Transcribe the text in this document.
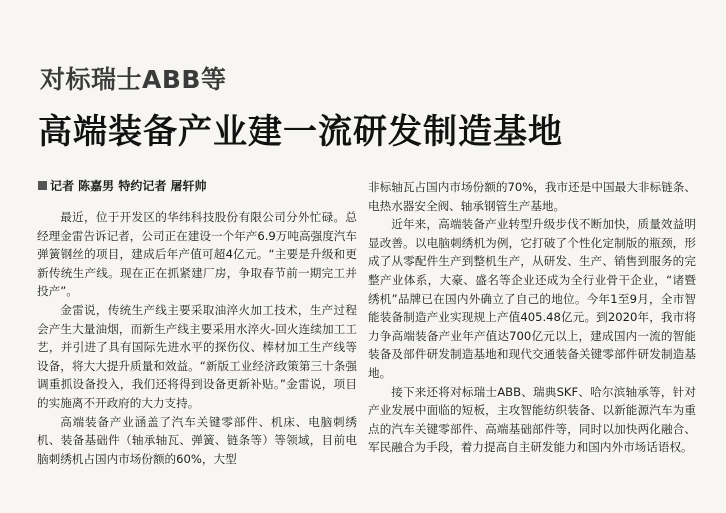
对标瑞士ABB等
高端装备产业建一流研发制造基地
记者 陈嘉男 特约记者 屠轩帅

最近，位于开发区的华纬科技股份有限公司分外忙碌。总经理金雷告诉记者，公司正在建设一个年产6.9万吨高强度汽车弹簧钢丝的项目，建成后年产值可超4亿元。“主要是升级和更新传统生产线。现在正在抓紧建厂房，争取春节前一期完工并投产”。

金雷说，传统生产线主要采取油淬火加工技术，生产过程会产生大量油烟，而新生产线主要采用水淬火-回火连续加工工艺，并引进了具有国际先进水平的探伤仪、棒材加工生产线等设备，将大大提升质量和效益。“新版工业经济政策第三十条强调重抓设备投入，我们还将得到设备更新补贴。”金雷说，项目的实施离不开政府的大力支持。

高端装备产业涵盖了汽车关键零部件、机床、电脑刺绣机、装备基础件（轴承轴瓦、弹簧、链条等）等领域，目前电脑刺绣机占国内市场份额的60%，大型

非标轴瓦占国内市场份额的70%，我市还是中国最大非标链条、电热水器安全阀、轴承钢管生产基地。

近年来，高端装备产业转型升级步伐不断加快，质量效益明显改善。以电脑刺绣机为例，它打破了个性化定制版的瓶颈，形成了从零配件生产到整机生产，从研发、生产、销售到服务的完整产业体系，大豪、盛名等企业还成为全行业骨干企业，“诸暨绣机”品牌已在国内外确立了自己的地位。今年1至9月，全市智能装备制造产业实现规上产值405.48亿元。到2020年，我市将力争高端装备产业年产值达700亿元以上，建成国内一流的智能装备及部件研发制造基地和现代交通装备关键零部件研发制造基地。

接下来还将对标瑞士ABB、瑞典SKF、哈尔滨轴承等，针对产业发展中面临的短板，主攻智能纺织装备、以新能源汽车为重点的汽车关键零部件、高端基础部件等，同时以加快两化融合、军民融合为手段，着力提高自主研发能力和国内外市场话语权。
